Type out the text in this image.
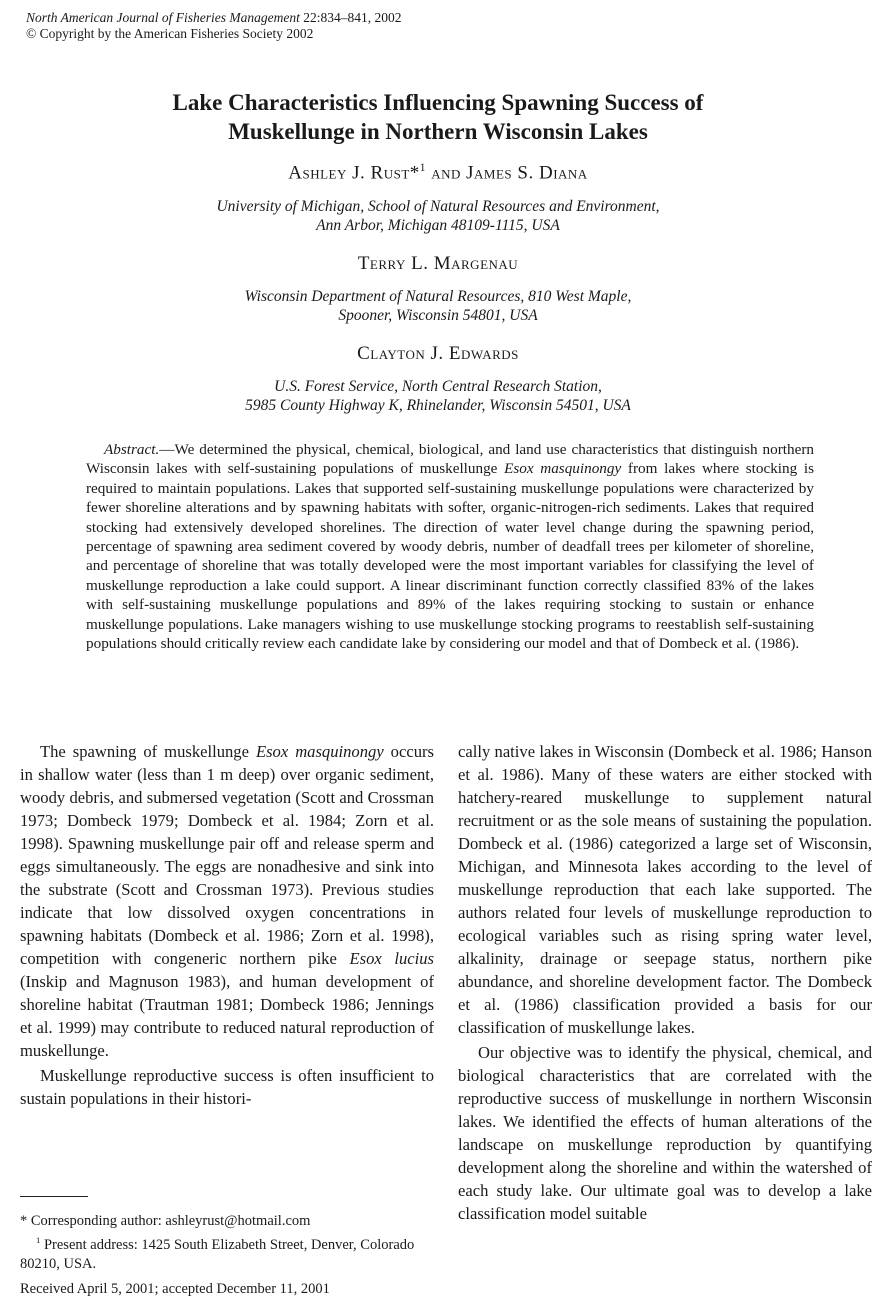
North American Journal of Fisheries Management 22:834–841, 2002
© Copyright by the American Fisheries Society 2002
Lake Characteristics Influencing Spawning Success of
Muskellunge in Northern Wisconsin Lakes
Ashley J. Rust*$^1$ and James S. Diana
University of Michigan, School of Natural Resources and Environment,
Ann Arbor, Michigan 48109-1115, USA
Terry L. Margenau
Wisconsin Department of Natural Resources, 810 West Maple,
Spooner, Wisconsin 54801, USA
Clayton J. Edwards
U.S. Forest Service, North Central Research Station,
5985 County Highway K, Rhinelander, Wisconsin 54501, USA
Abstract.—We determined the physical, chemical, biological, and land use characteristics that distinguish northern Wisconsin lakes with self-sustaining populations of muskellunge Esox masquinongy from lakes where stocking is required to maintain populations. Lakes that supported self-sustaining muskellunge populations were characterized by fewer shoreline alterations and by spawning habitats with softer, organic-nitrogen-rich sediments. Lakes that required stocking had extensively developed shorelines. The direction of water level change during the spawning period, percentage of spawning area sediment covered by woody debris, number of deadfall trees per kilometer of shoreline, and percentage of shoreline that was totally developed were the most important variables for classifying the level of muskellunge reproduction a lake could support. A linear discriminant function correctly classified 83% of the lakes with self-sustaining muskellunge populations and 89% of the lakes requiring stocking to sustain or enhance muskellunge populations. Lake managers wishing to use muskellunge stocking programs to reestablish self-sustaining populations should critically review each candidate lake by considering our model and that of Dombeck et al. (1986).

The spawning of muskellunge Esox masquinongy occurs in shallow water (less than 1 m deep) over organic sediment, woody debris, and submersed vegetation (Scott and Crossman 1973; Dombeck 1979; Dombeck et al. 1984; Zorn et al. 1998). Spawning muskellunge pair off and release sperm and eggs simultaneously. The eggs are nonadhesive and sink into the substrate (Scott and Crossman 1973). Previous studies indicate that low dissolved oxygen concentrations in spawning habitats (Dombeck et al. 1986; Zorn et al. 1998), competition with congeneric northern pike Esox lucius (Inskip and Magnuson 1983), and human development of shoreline habitat (Trautman 1981; Dombeck 1986; Jennings et al. 1999) may contribute to reduced natural reproduction of muskellunge.

Muskellunge reproductive success is often insufficient to sustain populations in their histori-

cally native lakes in Wisconsin (Dombeck et al. 1986; Hanson et al. 1986). Many of these waters are either stocked with hatchery-reared muskellunge to supplement natural recruitment or as the sole means of sustaining the population. Dombeck et al. (1986) categorized a large set of Wisconsin, Michigan, and Minnesota lakes according to the level of muskellunge reproduction that each lake supported. The authors related four levels of muskellunge reproduction to ecological variables such as rising spring water level, alkalinity, drainage or seepage status, northern pike abundance, and shoreline development factor. The Dombeck et al. (1986) classification provided a basis for our classification of muskellunge lakes.

Our objective was to identify the physical, chemical, and biological characteristics that are correlated with the reproductive success of muskellunge in northern Wisconsin lakes. We identified the effects of human alterations of the landscape on muskellunge reproduction by quantifying development along the shoreline and within the watershed of each study lake. Our ultimate goal was to develop a lake classification model suitable

* Corresponding author: ashleyrust@hotmail.com

$^1$ Present address: 1425 South Elizabeth Street, Denver, Colorado 80210, USA.

Received April 5, 2001; accepted December 11, 2001
